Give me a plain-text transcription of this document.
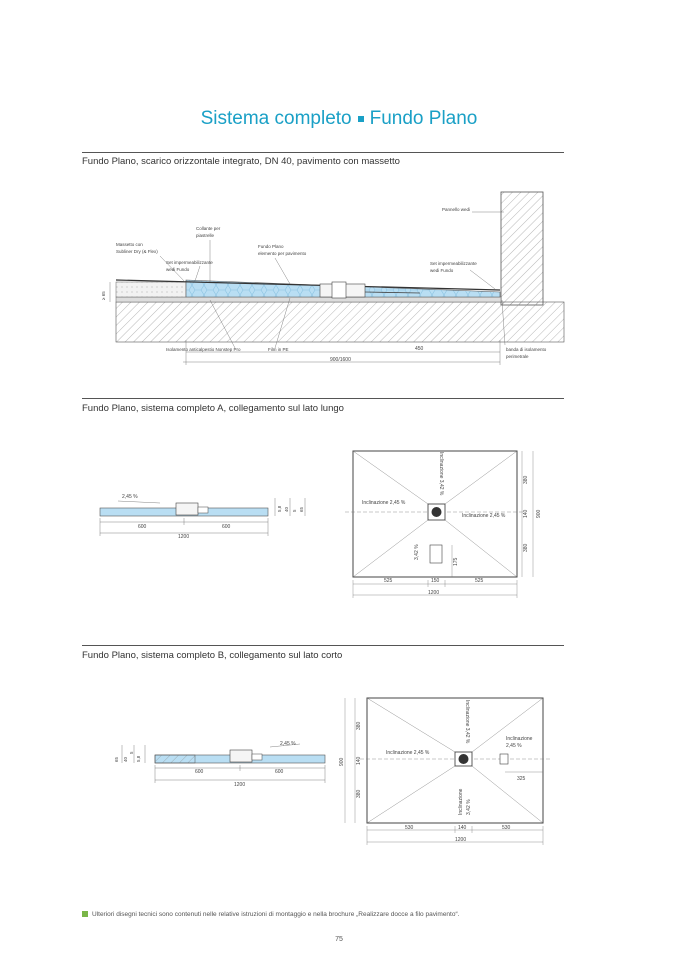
Sistema completo Fundo Plano
Fundo Plano, scarico orizzontale integrato, DN 40, pavimento con massetto
Pannello wedi
Collante per
piastrelle
Massetto con
Subliner Dry (& Flex)
Set impermeabilizzante
wedi Fundo
Fundo Plano
elemento per pavimento
Set impermeabilizzante
wedi Fundo
≥ 65
Isolamento anticalpestio Nonstep Pro	Film in PE	450
900/1600
banda di isolamento
perimetrale
2,45 %
600	600
1200
5,8 40 5 65
Inclinazione 2,45 %
Inclinazione 2,45 %
Inclinazione 3,42 %
3,42 %
380
140
380
900
175
525	150	525
1200
2,45 %
600	600
1200
65 40
5
5,8
Inclinazione 3,42 %
Inclinazione 2,45 %
Inclinazione
2,45 %
Inclinazione 3,42 %
380
140
380
900
325
530	140	530
1200
Fundo Plano, sistema completo A, collegamento sul lato lungo
Fundo Plano, sistema completo B, collegamento sul lato corto
Ulteriori disegni tecnici sono contenuti nelle relative istruzioni di montaggio e nella brochure „Realizzare docce a filo pavimento“.
75
